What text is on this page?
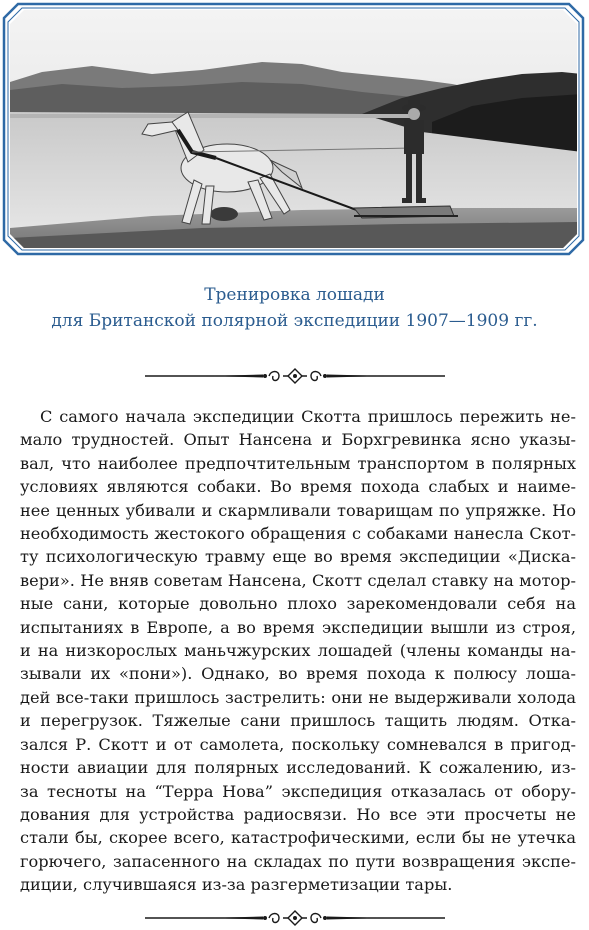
Тренировка лошади
для Британской полярной экспедиции 1907—1909 гг.
С самого начала экспедиции Скотта пришлось пережить не-
мало трудностей. Опыт Нансена и Борхгревинка ясно указы-
вал, что наиболее предпочтительным транспортом в полярных
условиях являются собаки. Во время похода слабых и наиме-
нее ценных убивали и скармливали товарищам по упряжке. Но
необходимость жестокого обращения с собаками нанесла Скот-
ту психологическую травму еще во время экспедиции «Диска-
вери». Не вняв советам Нансена, Скотт сделал ставку на мотор-
ные сани, которые довольно плохо зарекомендовали себя на
испытаниях в Европе, а во время экспедиции вышли из строя,
и на низкорослых маньчжурских лошадей (члены команды на-
зывали их «пони»). Однако, во время похода к полюсу лоша-
дей все-таки пришлось застрелить: они не выдерживали холода
и перегрузок. Тяжелые сани пришлось тащить людям. Отка-
зался Р. Скотт и от самолета, поскольку сомневался в пригод-
ности авиации для полярных исследований. К сожалению, из-
за тесноты на “Терра Нова” экспедиция отказалась от обору-
дования для устройства радиосвязи. Но все эти просчеты не
стали бы, скорее всего, катастрофическими, если бы не утечка
горючего, запасенного на складах по пути возвращения экспе-
диции, случившаяся из-за разгерметизации тары.
